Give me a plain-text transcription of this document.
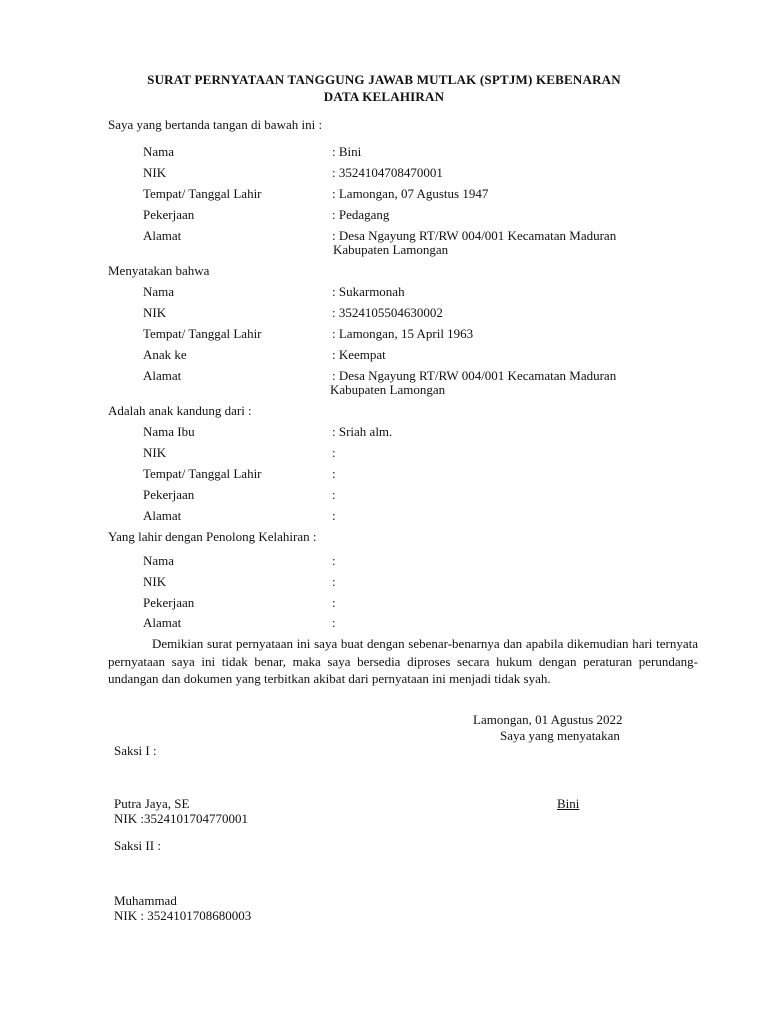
SURAT PERNYATAAN TANGGUNG JAWAB MUTLAK (SPTJM) KEBENARAN
DATA KELAHIRAN
Saya yang bertanda tangan di bawah ini :
Nama	: Bini
NIK	: 3524104708470001
Tempat/ Tanggal Lahir	: Lamongan, 07 Agustus 1947
Pekerjaan	: Pedagang
Alamat	: Desa Ngayung RT/RW 004/001 Kecamatan Maduran
Kabupaten Lamongan
Menyatakan bahwa
Nama	: Sukarmonah
NIK	: 3524105504630002
Tempat/ Tanggal Lahir	: Lamongan, 15 April 1963
Anak ke	: Keempat
Alamat	: Desa Ngayung RT/RW 004/001 Kecamatan Maduran
Kabupaten Lamongan
Adalah anak kandung dari :
Nama Ibu	: Sriah alm.
NIK	:
Tempat/ Tanggal Lahir	:
Pekerjaan	:
Alamat	:
Yang lahir dengan Penolong Kelahiran :
Nama	:
NIK	:
Pekerjaan	:
Alamat	:
Demikian surat pernyataan ini saya buat dengan sebenar-benarnya dan apabila dikemudian hari ternyata pernyataan saya ini tidak benar, maka saya bersedia diproses secara hukum dengan peraturan perundang-undangan dan dokumen yang terbitkan akibat dari pernyataan ini menjadi tidak syah.
Lamongan, 01 Agustus 2022
Saya yang menyatakan
Saksi I :
Putra Jaya, SE	Bini
NIK :3524101704770001
Saksi II :
Muhammad
NIK : 3524101708680003
